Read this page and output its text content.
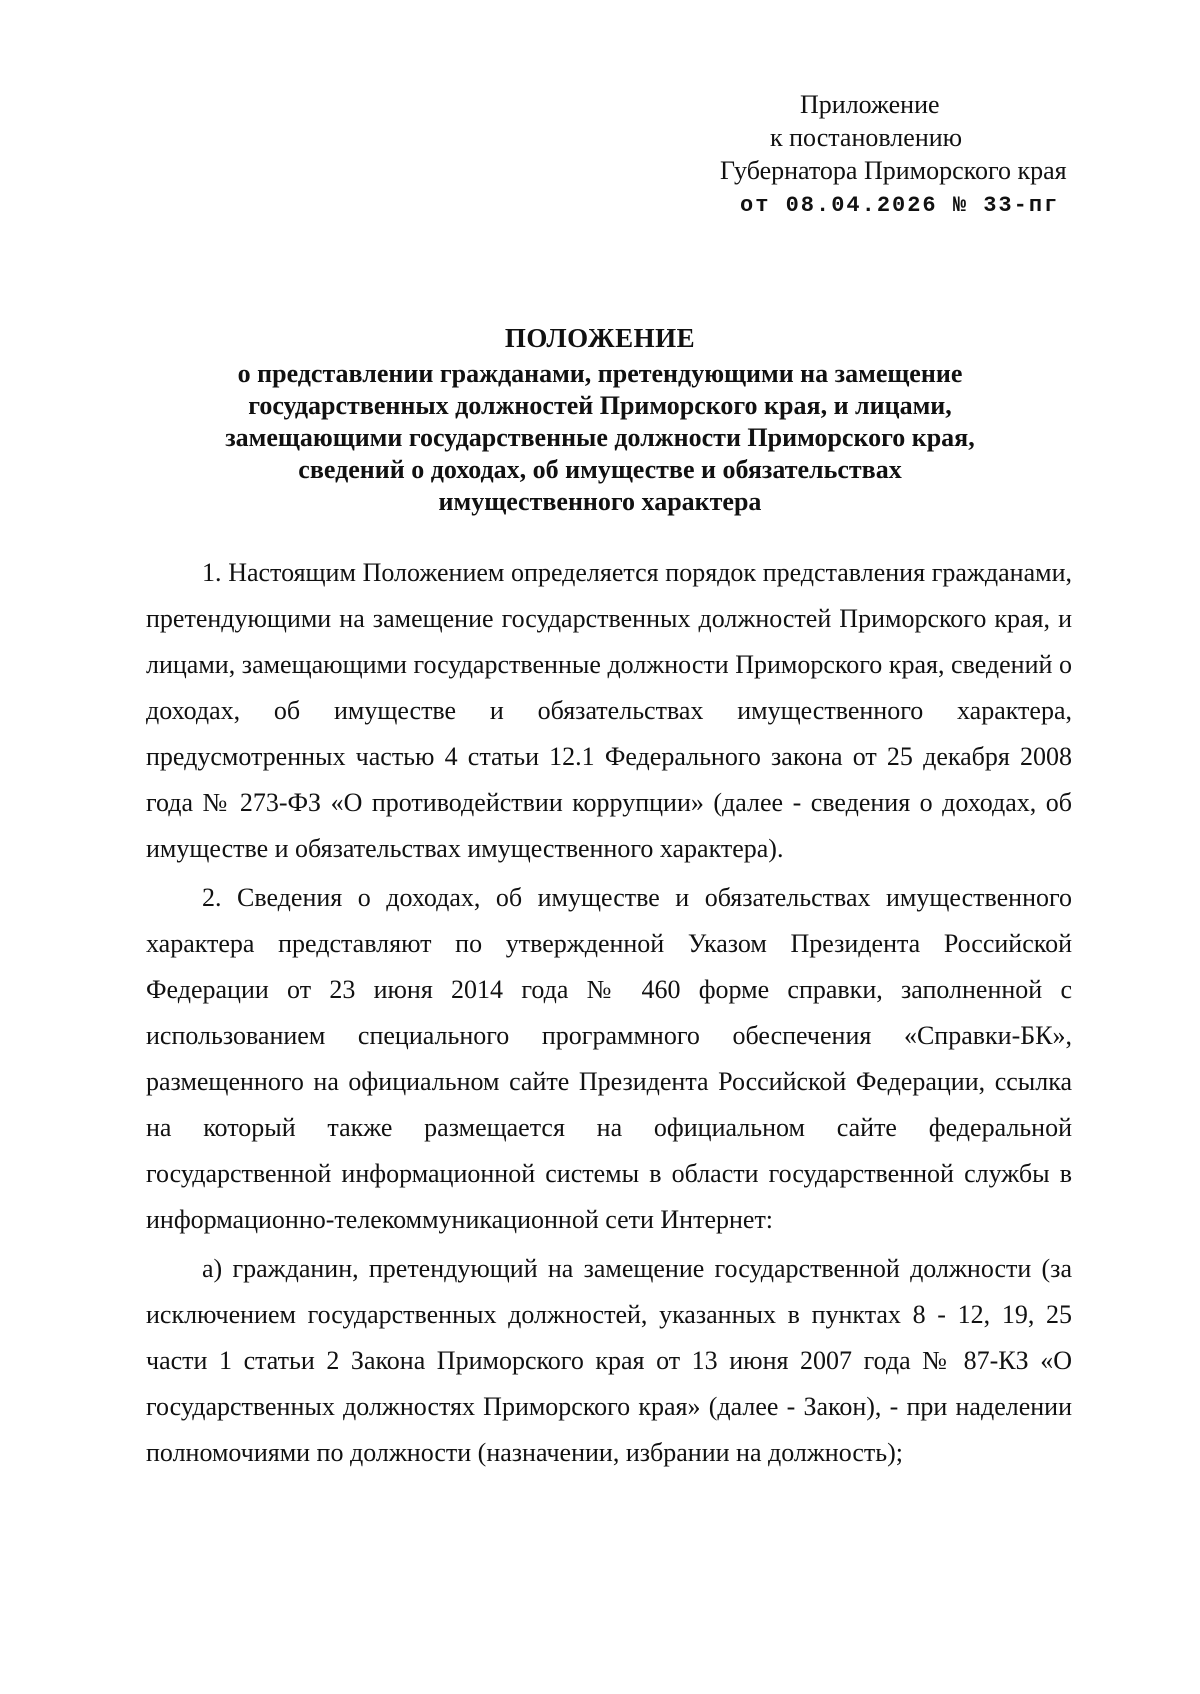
Приложение
к постановлению
Губернатора Приморского края
от 08.04.2026 № 33-пг
ПОЛОЖЕНИЕ
о представлении гражданами, претендующими на замещение
государственных должностей Приморского края, и лицами,
замещающими государственные должности Приморского края,
сведений о доходах, об имуществе и обязательствах
имущественного характера

1. Настоящим Положением определяется порядок представления гражданами, претендующими на замещение государственных должностей Приморского края, и лицами, замещающими государственные должности Приморского края, сведений о доходах, об имуществе и обязательствах имущественного характера, предусмотренных частью 4 статьи 12.1 Федерального закона от 25 декабря 2008 года № 273-ФЗ «О противодействии коррупции» (далее - сведения о доходах, об имуществе и обязательствах имущественного характера).

2. Сведения о доходах, об имуществе и обязательствах имущественного характера представляют по утвержденной Указом Президента Российской Федерации от 23 июня 2014 года № 460 форме справки, заполненной с использованием специального программного обеспечения «Справки-БК», размещенного на официальном сайте Президента Российской Федерации, ссылка на который также размещается на официальном сайте федеральной государственной информационной системы в области государственной службы в информационно-телекоммуникационной сети Интернет:

а) гражданин, претендующий на замещение государственной должности (за исключением государственных должностей, указанных в пунктах 8 - 12, 19, 25 части 1 статьи 2 Закона Приморского края от 13 июня 2007 года № 87-КЗ «О государственных должностях Приморского края» (далее - Закон), - при наделении полномочиями по должности (назначении, избрании на должность);
